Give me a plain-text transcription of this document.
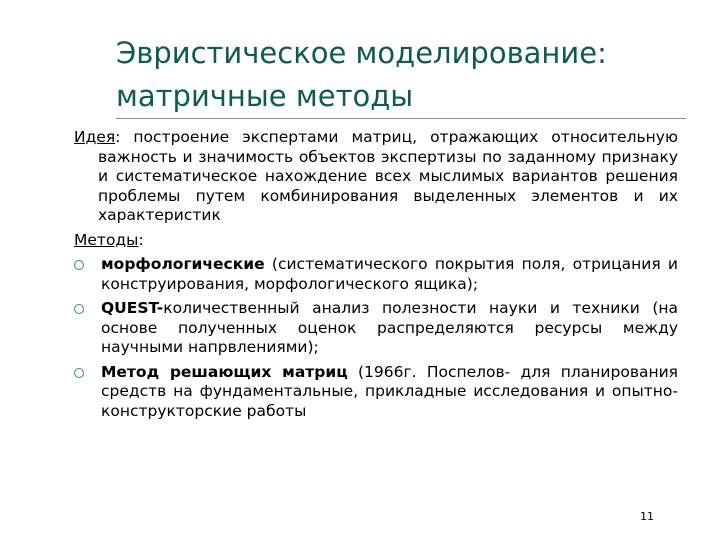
Эвристическое моделирование:
матричные методы

Идея: построение экспертами матриц, отражающих относительную важность и значимость объектов экспертизы по заданному признаку и систематическое нахождение всех мыслимых вариантов решения проблемы путем комбинирования выделенных элементов и их характеристик

Методы:

морфологические (систематического покрытия поля, отрицания и конструирования, морфологического ящика);
QUEST-количественный анализ полезности науки и техники (на основе полученных оценок распределяются ресурсы между научными напрвлениями);
Метод решающих матриц (1966г. Поспелов- для планирования средств на фундаментальные, прикладные исследования и опытно-конструкторские работы
11
